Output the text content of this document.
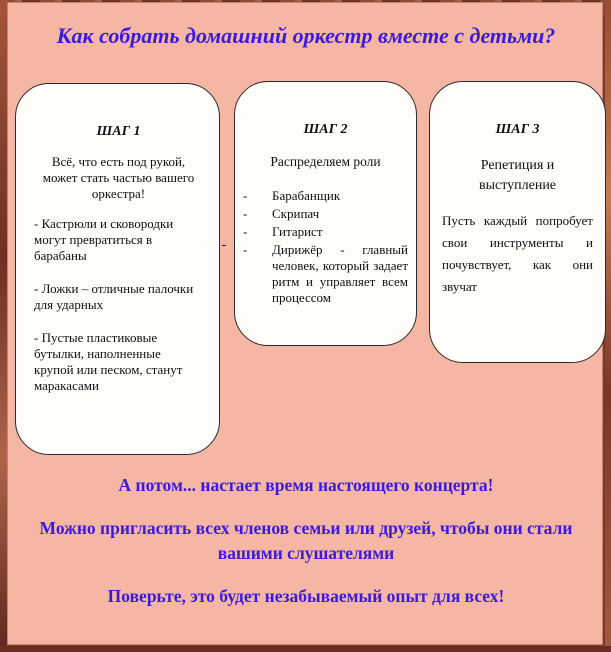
Как собрать домашний оркестр вместе с детьми?
ШАГ 1
Всё, что есть под рукой, может стать частью вашего оркестра!
- Кастрюли и сковородки могут превратиться в барабаны
- Ложки – отличные палочки для ударных
- Пустые пластиковые бутылки, наполненные крупой или песком, станут маракасами
ШАГ 2
Распределяем роли
-	Барабанщик
-	Скрипач
-	Гитарист
-	Дирижёр - главный человек, который задает ритм и управляет всем процессом
ШАГ 3
Репетиция и выступление
Пусть каждый попробует свои инструменты и почувствует, как они звучат
А потом... настает время настоящего концерта!
Можно пригласить всех членов семьи или друзей, чтобы они стали вашими слушателями
Поверьте, это будет незабываемый опыт для всех!
